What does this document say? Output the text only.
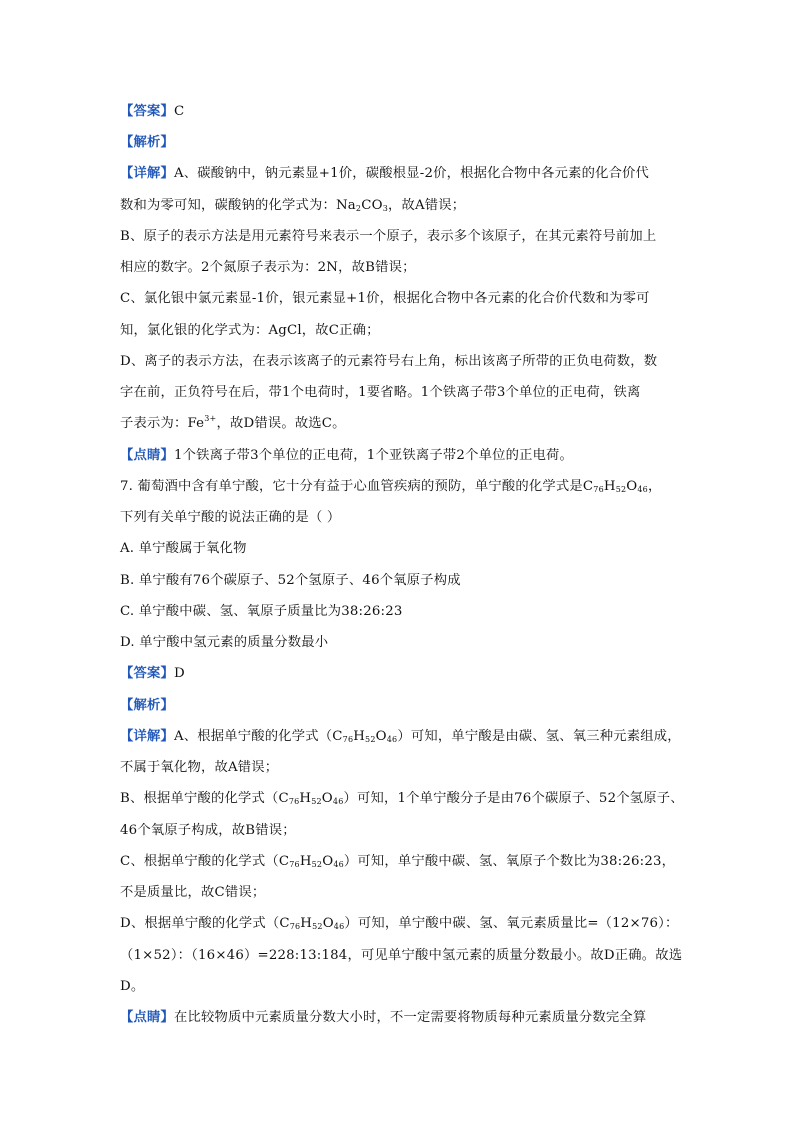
【答案】C
【解析】
【详解】A、碳酸钠中，钠元素显+1价，碳酸根显-2价，根据化合物中各元素的化合价代
数和为零可知，碳酸钠的化学式为：$Na_2CO_3$，故A错误；
B、原子的表示方法是用元素符号来表示一个原子，表示多个该原子，在其元素符号前加上
相应的数字。2个氮原子表示为：2N，故B错误；
C、氯化银中氯元素显-1价，银元素显+1价，根据化合物中各元素的化合价代数和为零可
知，氯化银的化学式为：AgCl，故C正确；
D、离子的表示方法，在表示该离子的元素符号右上角，标出该离子所带的正负电荷数，数
字在前，正负符号在后，带1个电荷时，1要省略。1个铁离子带3个单位的正电荷，铁离
子表示为：$Fe^{3+}$，故D错误。故选C。
【点睛】1个铁离子带3个单位的正电荷，1个亚铁离子带2个单位的正电荷。
7. 葡萄酒中含有单宁酸，它十分有益于心血管疾病的预防，单宁酸的化学式是$C_{76}H_{52}O_{46}$，
下列有关单宁酸的说法正确的是（ ）
A. 单宁酸属于氧化物
B. 单宁酸有76个碳原子、52个氢原子、46个氧原子构成
C. 单宁酸中碳、氢、氧原子质量比为38:26:23
D. 单宁酸中氢元素的质量分数最小
【答案】D
【解析】
【详解】A、根据单宁酸的化学式$(C_{76}H_{52}O_{46})$可知，单宁酸是由碳、氢、氧三种元素组成，
不属于氧化物，故A错误；
B、根据单宁酸的化学式$(C_{76}H_{52}O_{46})$可知，1个单宁酸分子是由76个碳原子、52个氢原子、
46个氧原子构成，故B错误；
C、根据单宁酸的化学式$(C_{76}H_{52}O_{46})$可知，单宁酸中碳、氢、氧原子个数比为38:26:23，
不是质量比，故C错误；
D、根据单宁酸的化学式$(C_{76}H_{52}O_{46})$可知，单宁酸中碳、氢、氧元素质量比=（12×76）：
（1×52）：（16×46）=228:13:184，可见单宁酸中氢元素的质量分数最小。故D正确。故选
D。
【点睛】在比较物质中元素质量分数大小时，不一定需要将物质每种元素质量分数完全算
